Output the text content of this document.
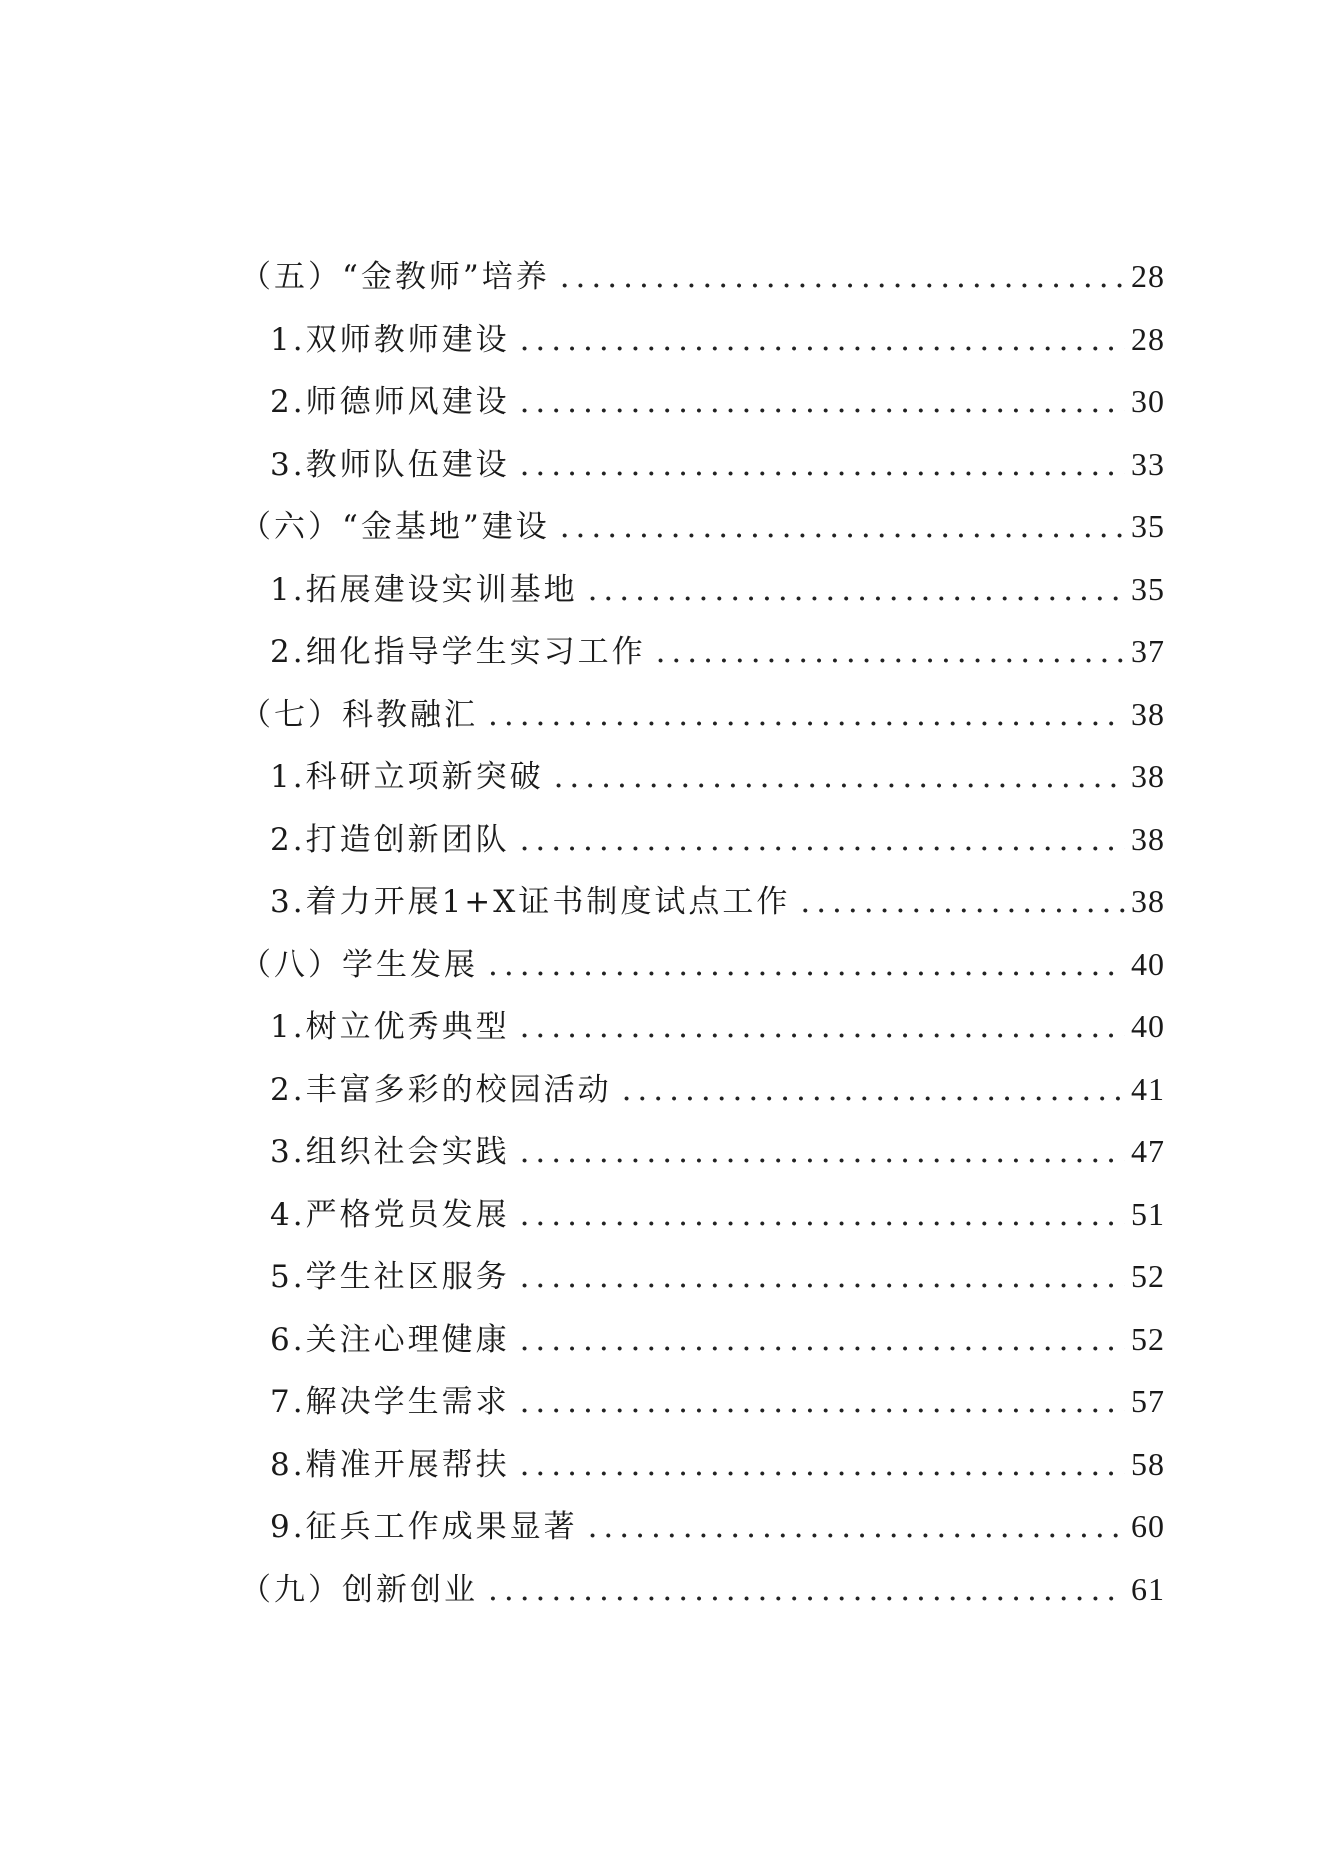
（五）“金教师”培养 .....	28
1.双师教师建设 .....	28
2.师德师风建设 .....	30
3.教师队伍建设 .....	33
（六）“金基地”建设 .....	35
1.拓展建设实训基地 .....	35
2.细化指导学生实习工作 .....	37
（七）科教融汇 .....	38
1.科研立项新突破 .....	38
2.打造创新团队 .....	38
3.着力开展1+X证书制度试点工作 .....	38
（八）学生发展 .....	40
1.树立优秀典型 .....	40
2.丰富多彩的校园活动 .....	41
3.组织社会实践 .....	47
4.严格党员发展 .....	51
5.学生社区服务 .....	52
6.关注心理健康 .....	52
7.解决学生需求 .....	57
8.精准开展帮扶 .....	58
9.征兵工作成果显著 .....	60
（九）创新创业 .....	61
